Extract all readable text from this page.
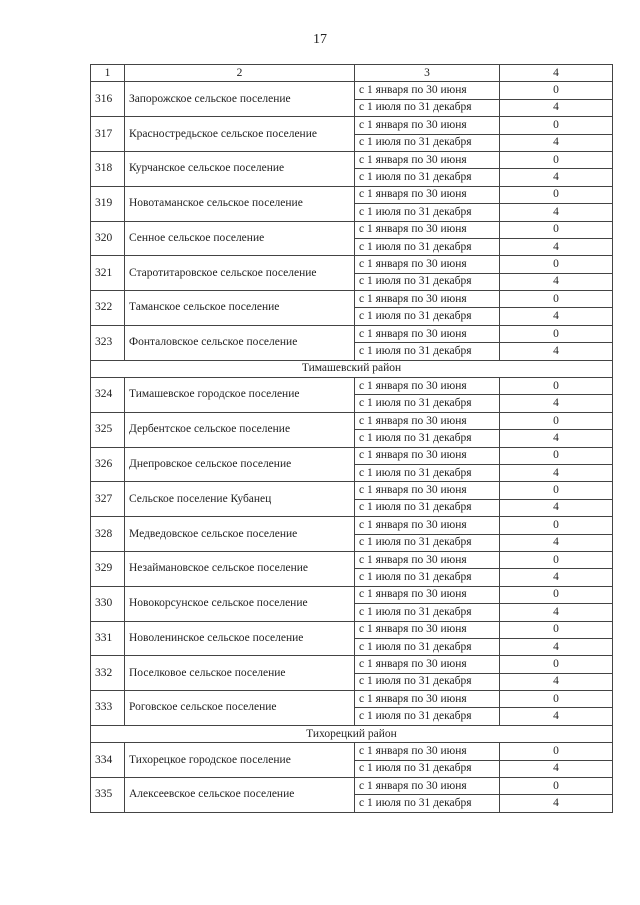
17
1	2	3	4
316	Запорожское сельское поселение	с 1 января по 30 июня	0
		с 1 июля по 31 декабря	4
317	Красностредьское сельское поселение	с 1 января по 30 июня	0
		с 1 июля по 31 декабря	4
318	Курчанское сельское поселение	с 1 января по 30 июня	0
		с 1 июля по 31 декабря	4
319	Новотаманское сельское поселение	с 1 января по 30 июня	0
		с 1 июля по 31 декабря	4
320	Сенное сельское поселение	с 1 января по 30 июня	0
		с 1 июля по 31 декабря	4
321	Старотитаровское сельское поселение	с 1 января по 30 июня	0
		с 1 июля по 31 декабря	4
322	Таманское сельское поселение	с 1 января по 30 июня	0
		с 1 июля по 31 декабря	4
323	Фонталовское сельское поселение	с 1 января по 30 июня	0
		с 1 июля по 31 декабря	4
Тимашевский район			
324	Тимашевское городское поселение	с 1 января по 30 июня	0
		с 1 июля по 31 декабря	4
325	Дербентское сельское поселение	с 1 января по 30 июня	0
		с 1 июля по 31 декабря	4
326	Днепровское сельское поселение	с 1 января по 30 июня	0
		с 1 июля по 31 декабря	4
327	Сельское поселение Кубанец	с 1 января по 30 июня	0
		с 1 июля по 31 декабря	4
328	Медведовское сельское поселение	с 1 января по 30 июня	0
		с 1 июля по 31 декабря	4
329	Незаймановское сельское поселение	с 1 января по 30 июня	0
		с 1 июля по 31 декабря	4
330	Новокорсунское сельское поселение	с 1 января по 30 июня	0
		с 1 июля по 31 декабря	4
331	Новоленинское сельское поселение	с 1 января по 30 июня	0
		с 1 июля по 31 декабря	4
332	Поселковое сельское поселение	с 1 января по 30 июня	0
		с 1 июля по 31 декабря	4
333	Роговское сельское поселение	с 1 января по 30 июня	0
		с 1 июля по 31 декабря	4
Тихорецкий район			
334	Тихорецкое городское поселение	с 1 января по 30 июня	0
		с 1 июля по 31 декабря	4
335	Алексеевское сельское поселение	с 1 января по 30 июня	0
		с 1 июля по 31 декабря	4
